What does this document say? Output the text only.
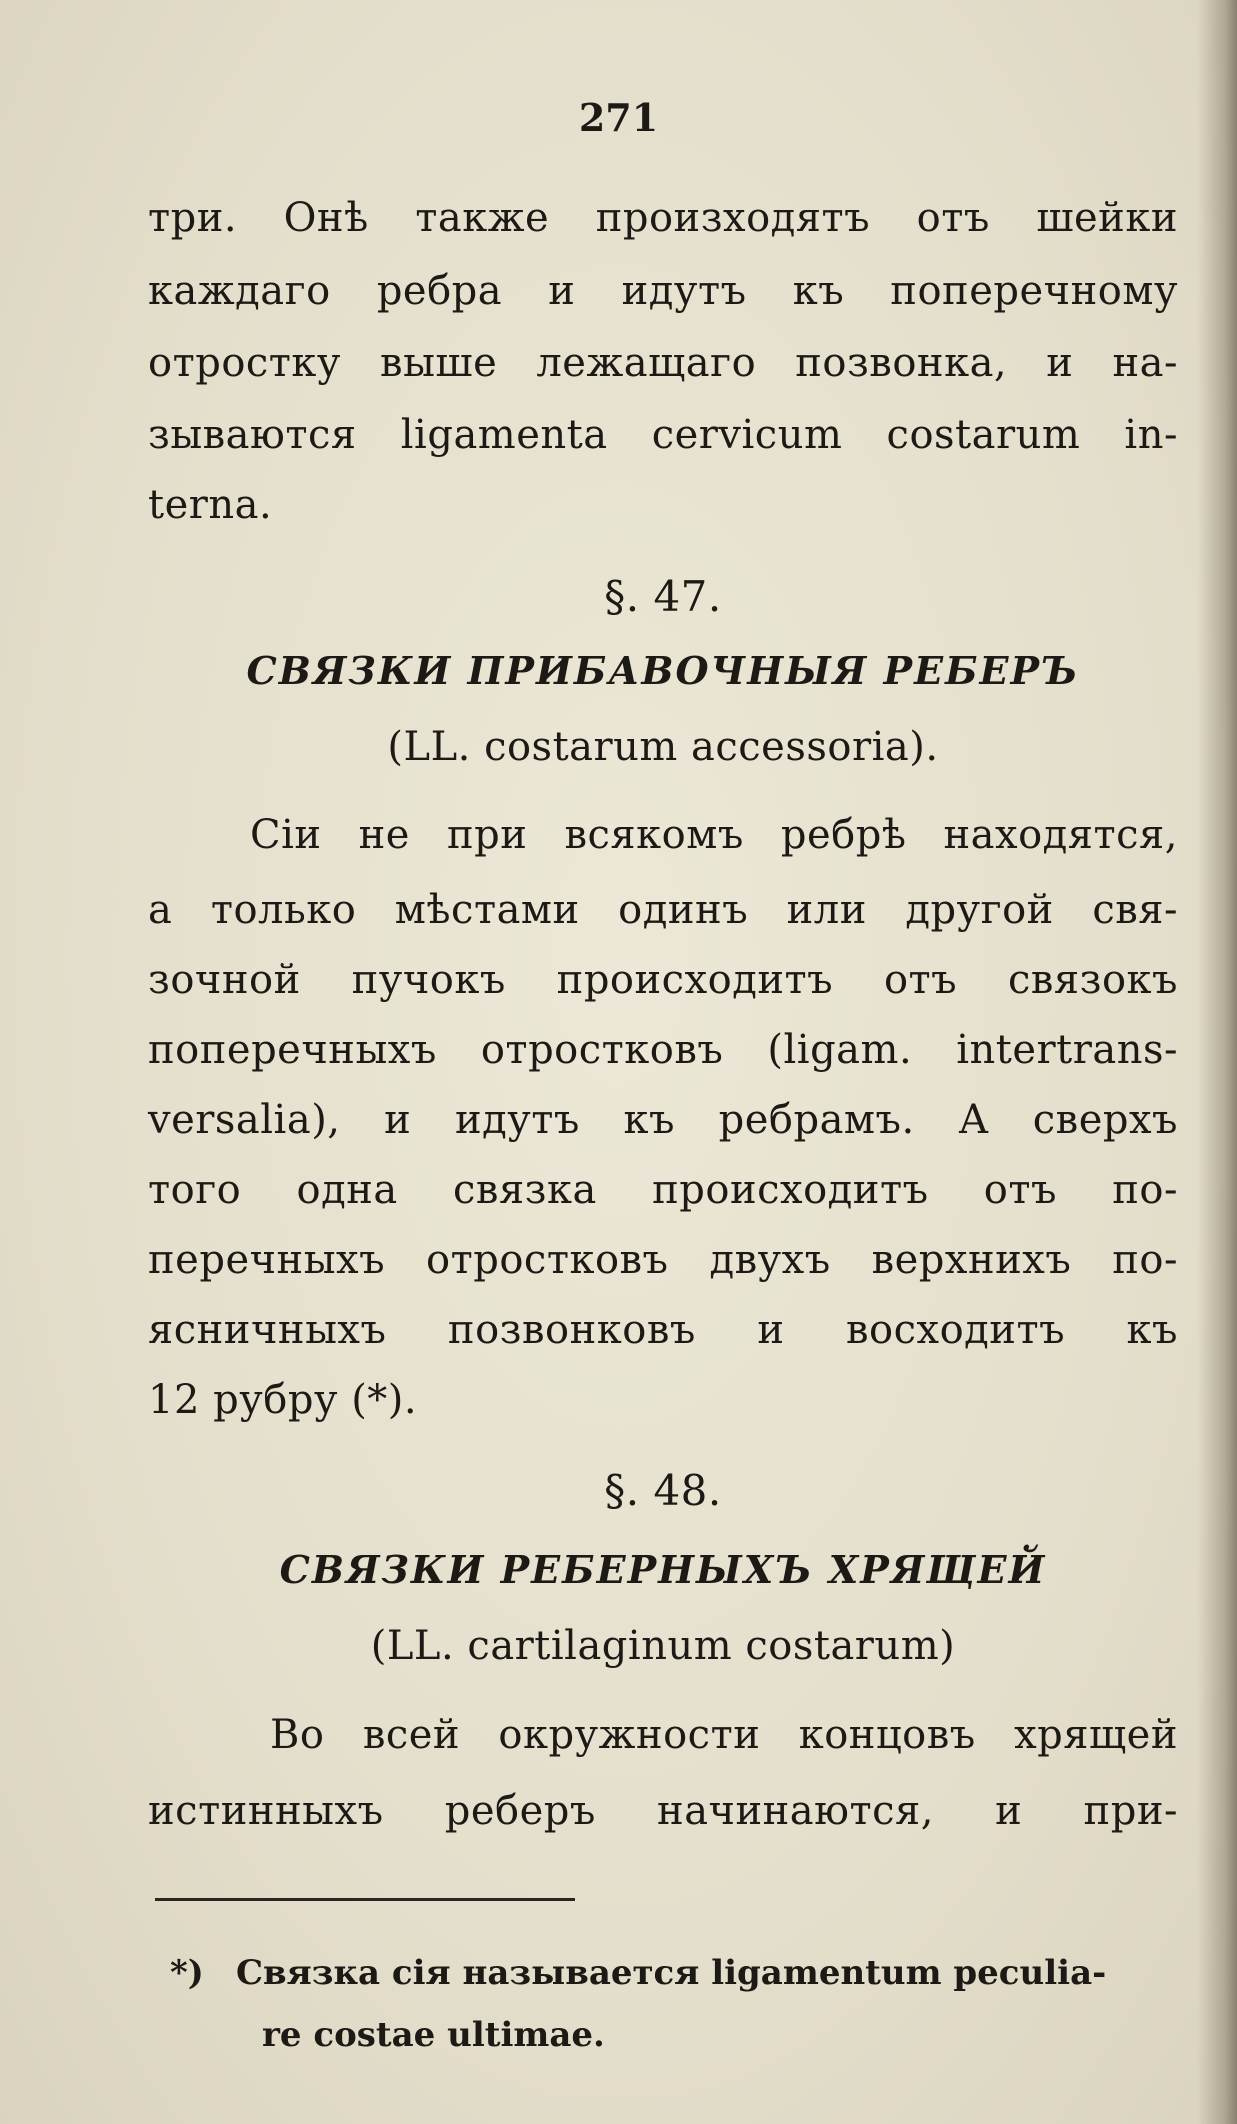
271
три. Онѣ также произходятъ отъ шейки
каждаго ребра и идутъ къ поперечному
отростку выше лежащаго позвонка, и на-
зываются ligamenta cervicum costarum in-
terna.
§. 47.
СВЯЗКИ ПРИБАВОЧНЫЯ РЕБЕРЪ
(LL. costarum accessoria).
Сіи не при всякомъ ребрѣ находятся,
а только мѣстами одинъ или другой свя-
зочной пучокъ происходитъ отъ связокъ
поперечныхъ отростковъ (ligam. intertrans-
versalia), и идутъ къ ребрамъ. А сверхъ
того одна связка происходитъ отъ по-
перечныхъ отростковъ двухъ верхнихъ по-
ясничныхъ позвонковъ и восходитъ къ
12 рубру (*).
§. 48.
СВЯЗКИ РЕБЕРНЫХЪ ХРЯЩЕЙ
(LL. cartilaginum costarum)
Во всей окружности концовъ хрящей
истинныхъ реберъ начинаются, и при-
*) Связка сія называется ligamentum peculia-
re costae ultimae.
